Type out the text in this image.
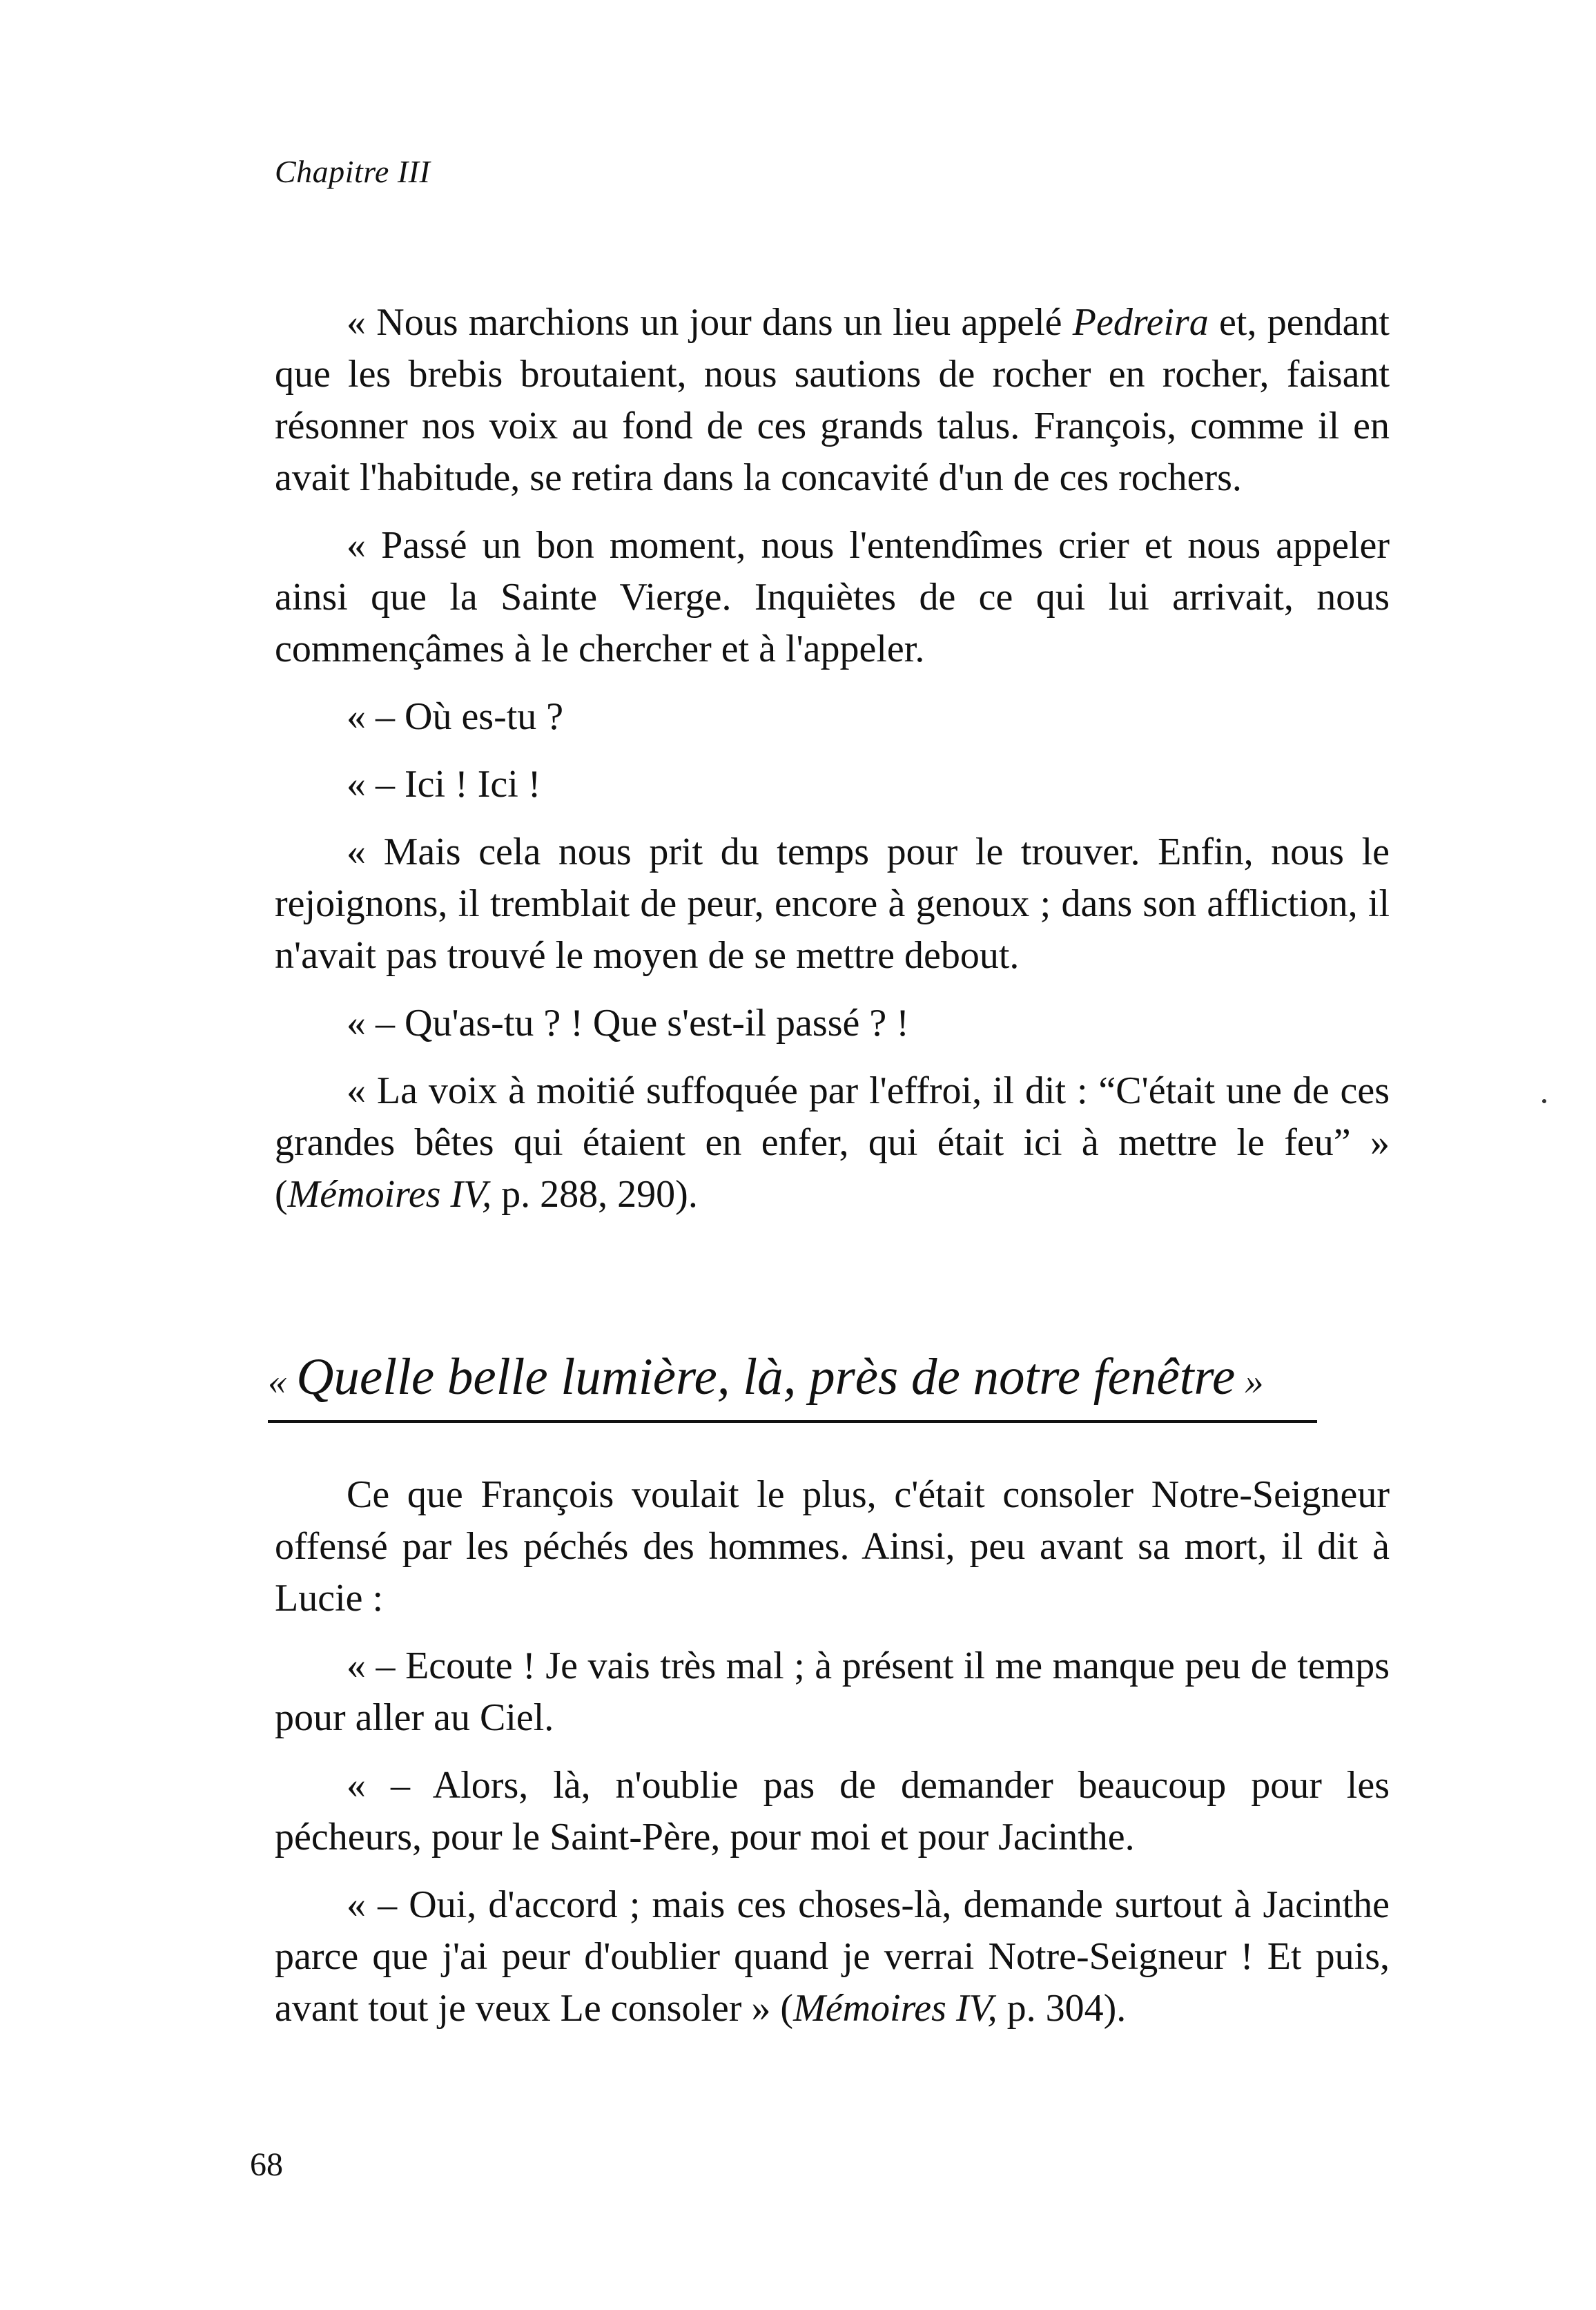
Chapitre III

« Nous marchions un jour dans un lieu appelé Pedreira et, pendant que les brebis broutaient, nous sautions de rocher en rocher, faisant résonner nos voix au fond de ces grands talus. François, comme il en avait l'habitude, se retira dans la concavité d'un de ces rochers.

« Passé un bon moment, nous l'entendîmes crier et nous appeler ainsi que la Sainte Vierge. Inquiètes de ce qui lui arrivait, nous commençâmes à le chercher et à l'appeler.

« – Où es-tu ?

« – Ici ! Ici !

« Mais cela nous prit du temps pour le trouver. Enfin, nous le rejoignons, il tremblait de peur, encore à genoux ; dans son affliction, il n'avait pas trouvé le moyen de se mettre debout.

« – Qu'as-tu ? ! Que s'est-il passé ? !

« La voix à moitié suffoquée par l'effroi, il dit : “C'était une de ces grandes bêtes qui étaient en enfer, qui était ici à mettre le feu” » (Mémoires IV, p. 288, 290).

« Quelle belle lumière, là, près de notre fenêtre »

Ce que François voulait le plus, c'était consoler Notre-Seigneur offensé par les péchés des hommes. Ainsi, peu avant sa mort, il dit à Lucie :

« – Ecoute ! Je vais très mal ; à présent il me manque peu de temps pour aller au Ciel.

« – Alors, là, n'oublie pas de demander beaucoup pour les pécheurs, pour le Saint-Père, pour moi et pour Jacinthe.

« – Oui, d'accord ; mais ces choses-là, demande surtout à Jacinthe parce que j'ai peur d'oublier quand je verrai Notre-Seigneur ! Et puis, avant tout je veux Le consoler » (Mémoires IV, p. 304).

68
